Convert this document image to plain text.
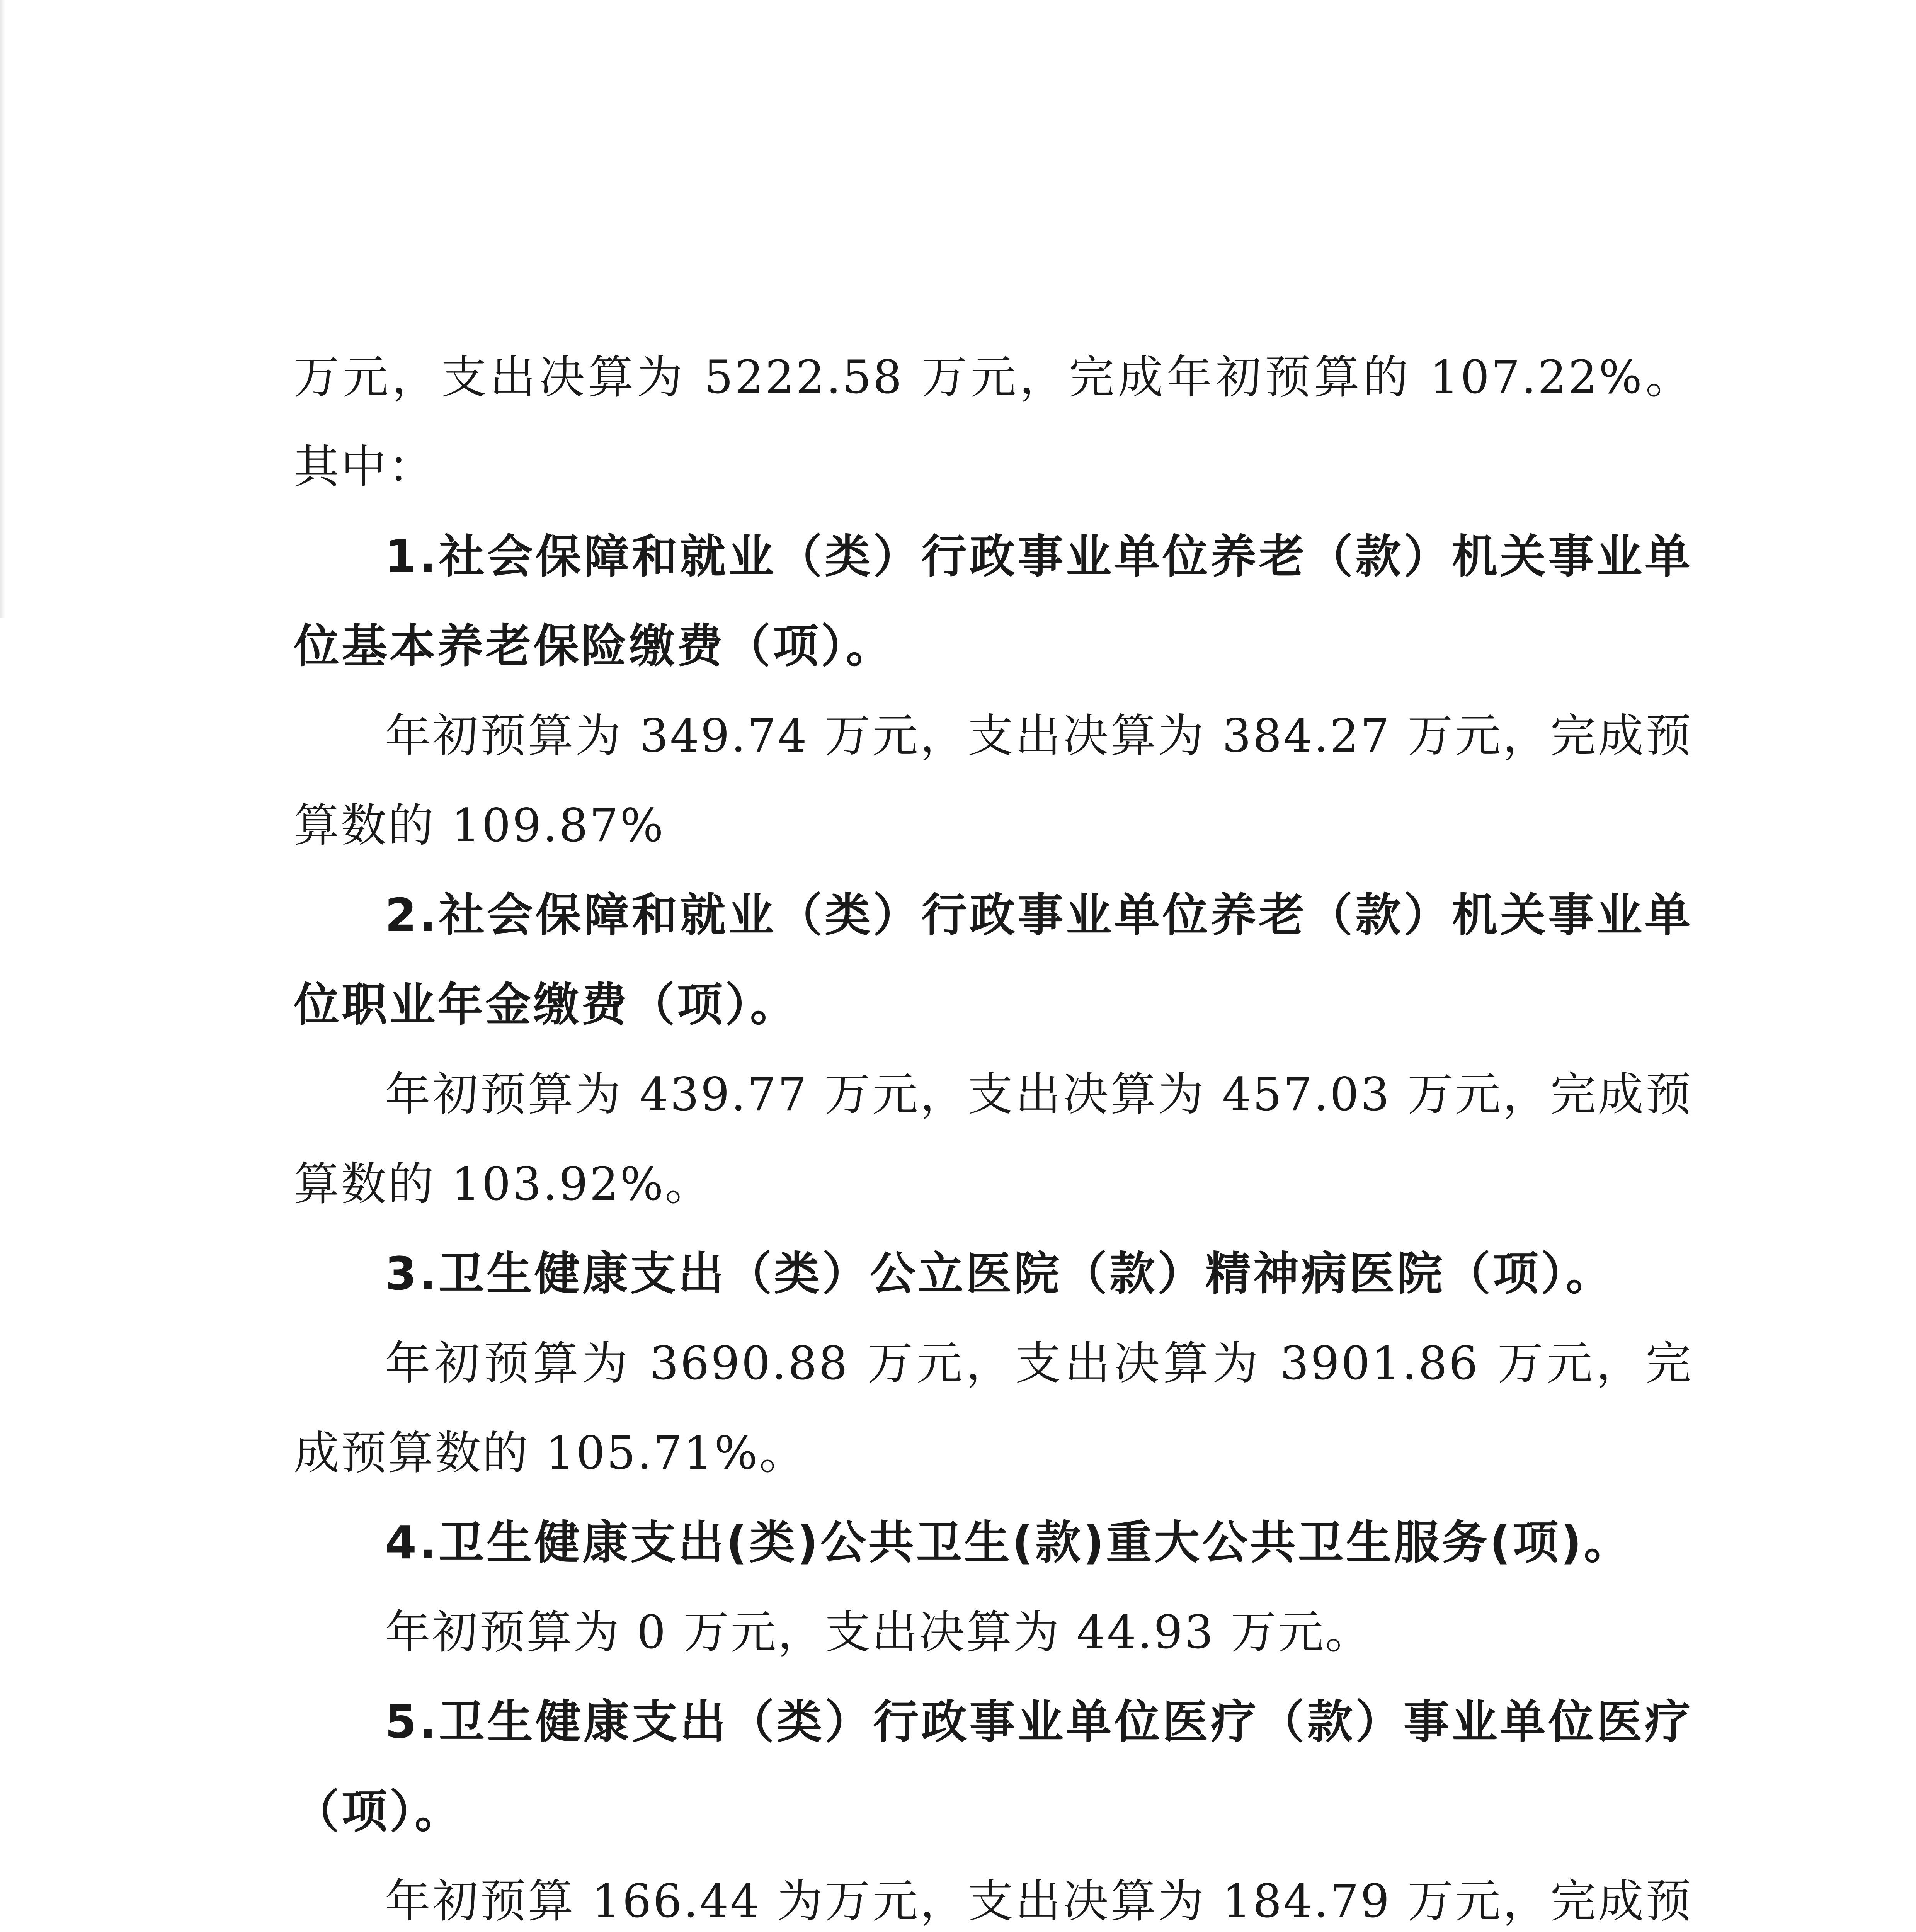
万元，支出决算为 5222.58 万元，完成年初预算的 107.22%。其中：

1.社会保障和就业（类）行政事业单位养老（款）机关事业单位基本养老保险缴费（项）。

年初预算为 349.74 万元，支出决算为 384.27 万元，完成预算数的 109.87%

2.社会保障和就业（类）行政事业单位养老（款）机关事业单位职业年金缴费（项）。

年初预算为 439.77 万元，支出决算为 457.03 万元，完成预算数的 103.92%。

3.卫生健康支出（类）公立医院（款）精神病医院（项）。

年初预算为 3690.88 万元，支出决算为 3901.86 万元，完成预算数的 105.71%。

4.卫生健康支出(类)公共卫生(款)重大公共卫生服务(项)。

年初预算为 0 万元，支出决算为 44.93 万元。

5.卫生健康支出（类）行政事业单位医疗（款）事业单位医疗（项）。

年初预算 166.44 为万元，支出决算为 184.79 万元，完成预
